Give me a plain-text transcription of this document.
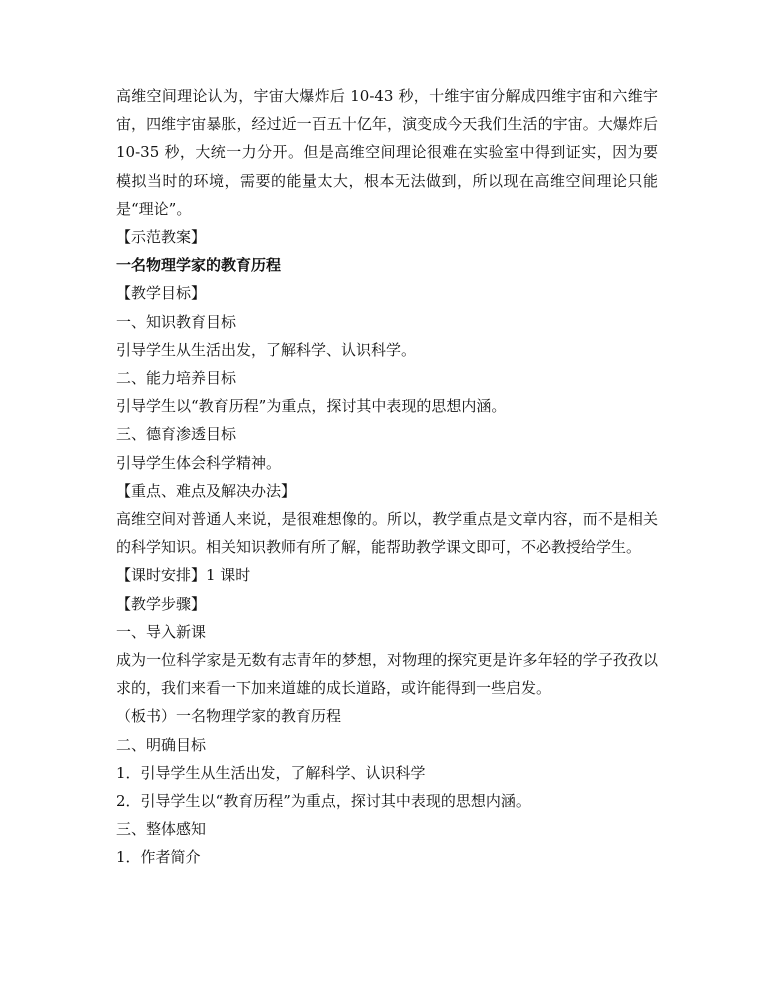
高维空间理论认为，宇宙大爆炸后 10-43 秒，十维宇宙分解成四维宇宙和六维宇宙，四维宇宙暴胀，经过近一百五十亿年，演变成今天我们生活的宇宙。大爆炸后 10-35 秒，大统一力分开。但是高维空间理论很难在实验室中得到证实，因为要模拟当时的环境，需要的能量太大，根本无法做到，所以现在高维空间理论只能是“理论”。

【示范教案】

一名物理学家的教育历程

【教学目标】

一、知识教育目标

引导学生从生活出发，了解科学、认识科学。

二、能力培养目标

引导学生以“教育历程”为重点，探讨其中表现的思想内涵。

三、德育渗透目标

引导学生体会科学精神。

【重点、难点及解决办法】

高维空间对普通人来说，是很难想像的。所以，教学重点是文章内容，而不是相关的科学知识。相关知识教师有所了解，能帮助教学课文即可，不必教授给学生。

【课时安排】1 课时

【教学步骤】

一、导入新课

成为一位科学家是无数有志青年的梦想，对物理的探究更是许多年轻的学子孜孜以求的，我们来看一下加来道雄的成长道路，或许能得到一些启发。

（板书）一名物理学家的教育历程

二、明确目标

1．引导学生从生活出发，了解科学、认识科学

2．引导学生以“教育历程”为重点，探讨其中表现的思想内涵。

三、整体感知

1．作者简介
